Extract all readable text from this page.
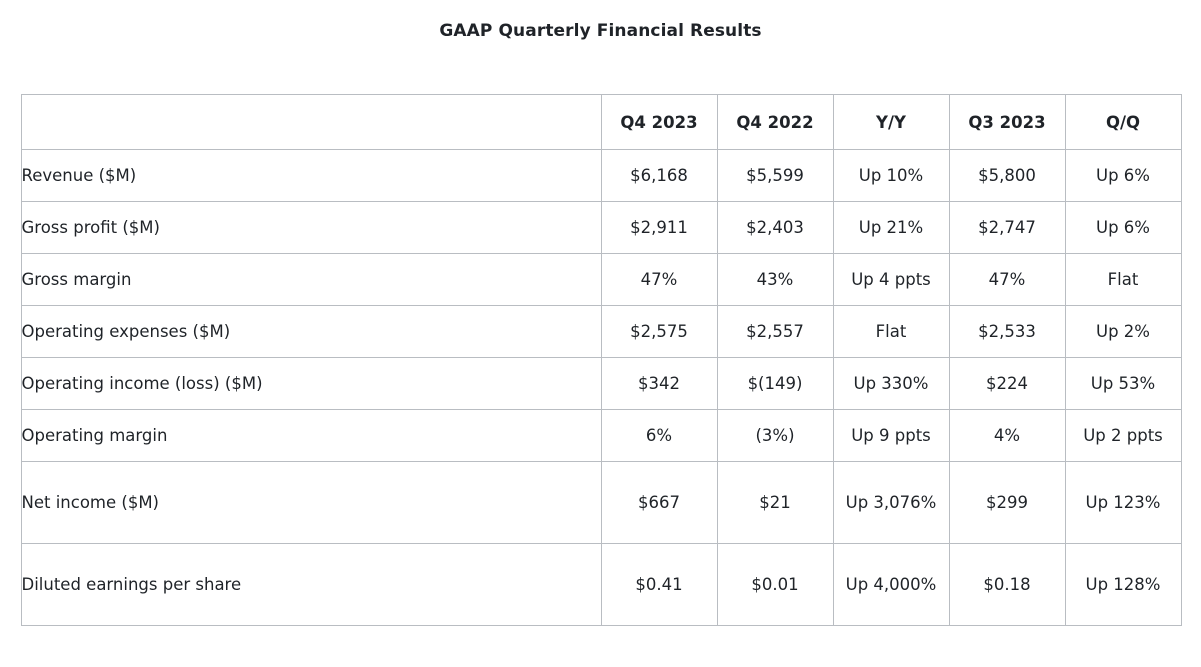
GAAP Quarterly Financial Results
	Q4 2023	Q4 2022	Y/Y	Q3 2023	Q/Q
Revenue ($M)	$6,168	$5,599	Up 10%	$5,800	Up 6%
Gross profit ($M)	$2,911	$2,403	Up 21%	$2,747	Up 6%
Gross margin	47%	43%	Up 4 ppts	47%	Flat
Operating expenses ($M)	$2,575	$2,557	Flat	$2,533	Up 2%
Operating income (loss) ($M)	$342	$(149)	Up 330%	$224	Up 53%
Operating margin	6%	(3%)	Up 9 ppts	4%	Up 2 ppts
Net income ($M)	$667	$21	Up 3,076%	$299	Up 123%
Diluted earnings per share	$0.41	$0.01	Up 4,000%	$0.18	Up 128%
